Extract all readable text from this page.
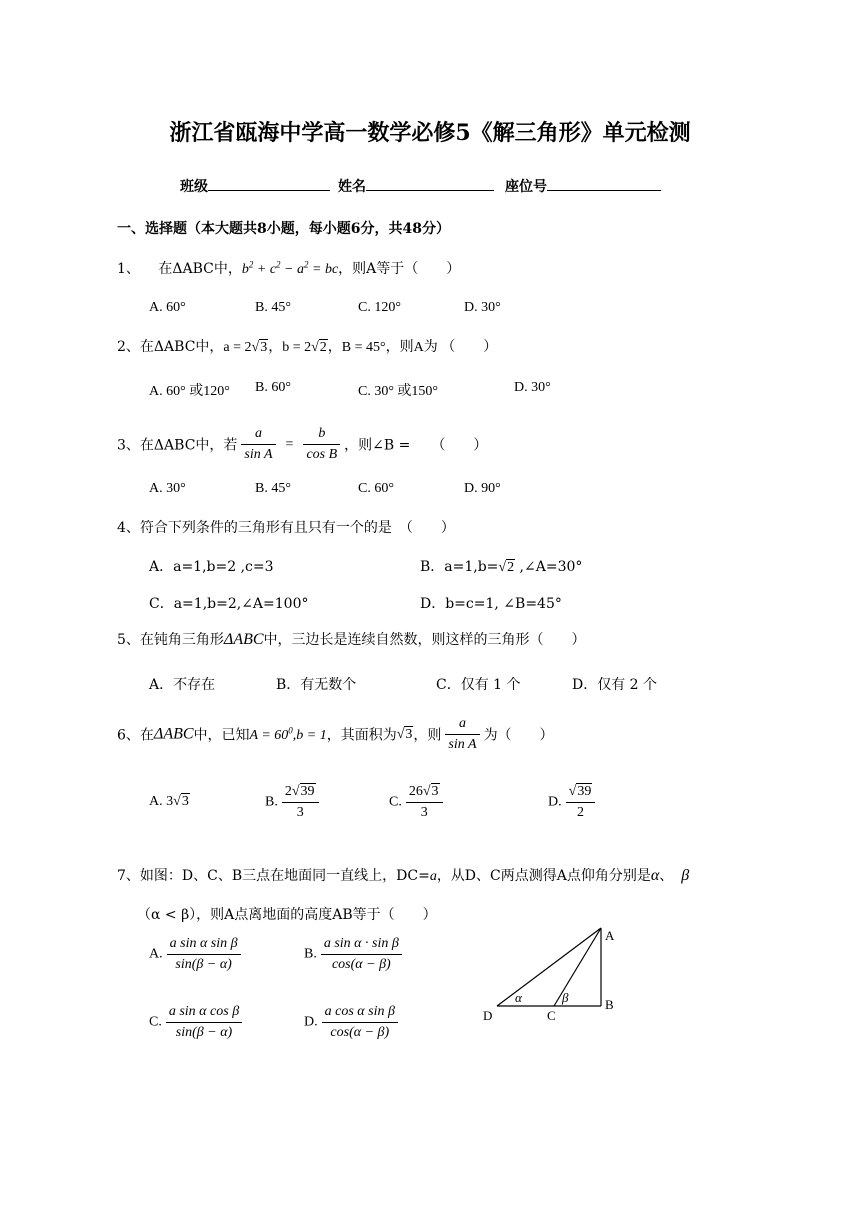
浙江省瓯海中学高一数学必修5《解三角形》单元检测
班级	姓名	座位号
一、选择题（本大题共8小题，每小题6分，共48分）
1、 在ΔABC中，$b^2 + c^2 - a^2$ = bc，则A等于（　　）
A. 60°	B. 45°	C. 120°	D. 30°
2、在ΔABC中，a = 2√3，b = 2√2，B = 45°，则A为 （　　）
A. 60° 或120° B. 60°	C. 30° 或150°	D. 30°
3、在ΔABC中，若 $\frac{a}{\text{sin A}} = \frac{b}{\text{cos B}}$ ，则∠B =　　（　　）
A. 30°	B. 45°	C. 60°	D. 90°
4、符合下列条件的三角形有且只有一个的是　（　　）
A．a=1,b=2 ,c=3	B．a=1,b=√2 ,∠A=30°
C．a=1,b=2,∠A=100°	D．b=c=1, ∠B=45°
5、在钝角三角形ΔABC中，三边长是连续自然数，则这样的三角形（　　）
A．不存在	B．有无数个	C．仅有 1 个	D．仅有 2 个
6、在ΔABC中，已知$A = 60^0,b = 1$，其面积为√3，则 $\frac{a}{\text{sin A}}$ 为（　　）
A. 3√3	B. $\frac{2√39}{3}$	C. $\frac{26√3}{3}$	D. $\frac{√39}{2}$
7、如图：D、C、B三点在地面同一直线上，DC=a，从D、C两点测得A点仰角分别是α、 β
（α < β），则A点离地面的高度AB等于（　　）
A. $\frac{\text{a sin α sin β}}{\sin(\beta - \alpha)}$	B. $\frac{\text{a sin α · sin β}}{\cos(\alpha - \beta)}$
C. $\frac{\text{a sin α cos β}}{\sin(\beta - \alpha)}$	D. $\frac{\text{a cos α sin β}}{\cos(\alpha - \beta)}$
A
B
C
D
α	β
